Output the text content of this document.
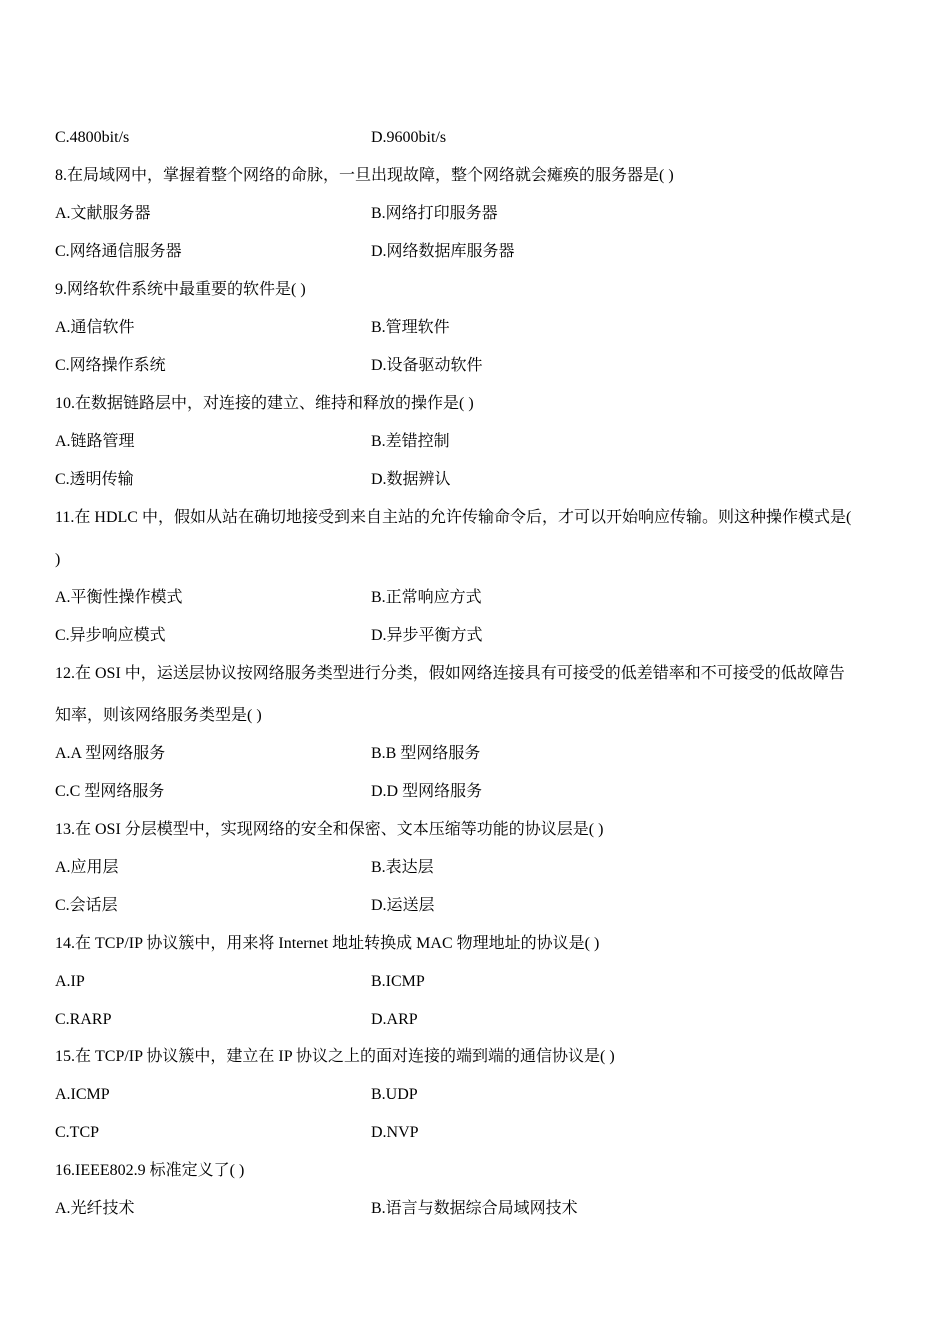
C.4800bit/s	D.9600bit/s
8.在局域网中，掌握着整个网络的命脉，一旦出现故障，整个网络就会瘫痪的服务器是( )
A.文献服务器	B.网络打印服务器
C.网络通信服务器	D.网络数据库服务器
9.网络软件系统中最重要的软件是( )
A.通信软件	B.管理软件
C.网络操作系统	D.设备驱动软件
10.在数据链路层中，对连接的建立、维持和释放的操作是( )
A.链路管理	B.差错控制
C.透明传输	D.数据辨认
11.在 HDLC 中，假如从站在确切地接受到来自主站的允许传输命令后，才可以开始响应传输。则这种操作模式是(
)
A.平衡性操作模式	B.正常响应方式
C.异步响应模式	D.异步平衡方式
12.在 OSI 中，运送层协议按网络服务类型进行分类，假如网络连接具有可接受的低差错率和不可接受的低故障告
知率，则该网络服务类型是( )
A.A 型网络服务	B.B 型网络服务
C.C 型网络服务	D.D 型网络服务
13.在 OSI 分层模型中，实现网络的安全和保密、文本压缩等功能的协议层是( )
A.应用层	B.表达层
C.会话层	D.运送层
14.在 TCP/IP 协议簇中，用来将 Internet 地址转换成 MAC 物理地址的协议是( )
A.IP	B.ICMP
C.RARP	D.ARP
15.在 TCP/IP 协议簇中，建立在 IP 协议之上的面对连接的端到端的通信协议是( )
A.ICMP	B.UDP
C.TCP	D.NVP
16.IEEE802.9 标准定义了( )
A.光纤技术	B.语言与数据综合局域网技术
